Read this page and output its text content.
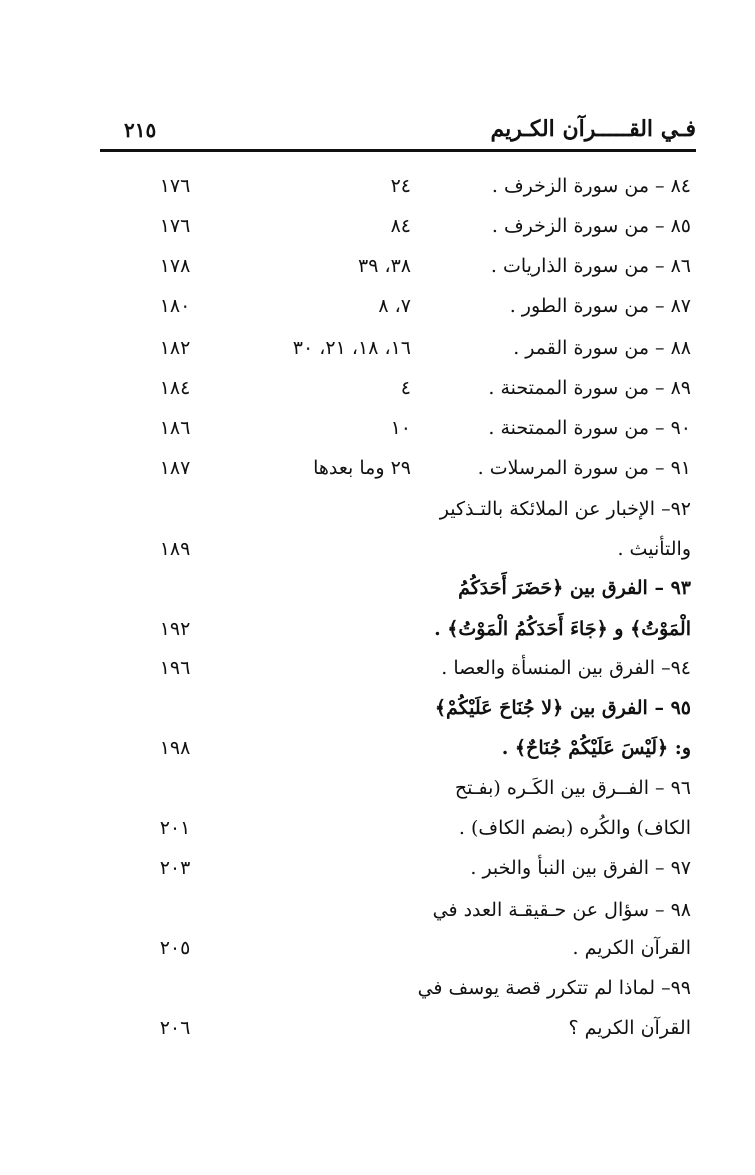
فـي القـــــرآن الكـريم
٢١٥
٨٤ – من سورة الزخرف .
٢٤
١٧٦
٨٥ – من سورة الزخرف .
٨٤
١٧٦
٨٦ – من سورة الذاريات .
٣٨، ٣٩
١٧٨
٨٧ – من سورة الطور .
٧، ٨
١٨٠
٨٨ – من سورة القمر .
١٦، ١٨، ٢١، ٣٠
١٨٢
٨٩ – من سورة الممتحنة .
٤
١٨٤
٩٠ – من سورة الممتحنة .
١٠
١٨٦
٩١ – من سورة المرسلات .
٢٩ وما بعدها
١٨٧
٩٢– الإخبار عن الملائكة بالتـذكير
والتأنيث .
١٨٩
٩٣ – الفرق بين ﴿حَضَرَ أَحَدَكُمُ
الْمَوْتُ﴾ و ﴿جَاءَ أَحَدَكُمُ الْمَوْتُ﴾ .
١٩٢
٩٤– الفرق بين المنسأة والعصا .
١٩٦
٩٥ – الفرق بين ﴿لا جُنَاحَ عَلَيْكُمْ﴾
و: ﴿لَيْسَ عَلَيْكُمْ جُنَاحٌ﴾ .
١٩٨
٩٦ – الفــرق بين الكَـره (بفـتح
الكاف) والكُره (بضم الكاف) .
٢٠١
٩٧ – الفرق بين النبأ والخبر .
٢٠٣
٩٨ – سؤال عن حـقيقـة العدد في
القرآن الكريم .
٢٠٥
٩٩– لماذا لم تتكرر قصة يوسف في
القرآن الكريم ؟
٢٠٦
